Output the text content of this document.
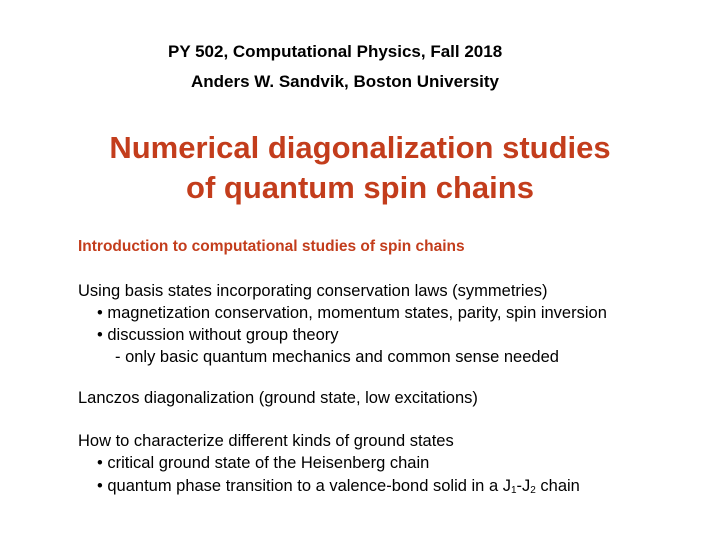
PY 502, Computational Physics, Fall 2018
Anders W. Sandvik, Boston University
Numerical diagonalization studies
of quantum spin chains
Introduction to computational studies of spin chains
Using basis states incorporating conservation laws (symmetries)
• magnetization conservation, momentum states, parity, spin inversion
• discussion without group theory
- only basic quantum mechanics and common sense needed
Lanczos diagonalization (ground state, low excitations)
How to characterize different kinds of ground states
• critical ground state of the Heisenberg chain
• quantum phase transition to a valence-bond solid in a $J_1-J_2$ chain
